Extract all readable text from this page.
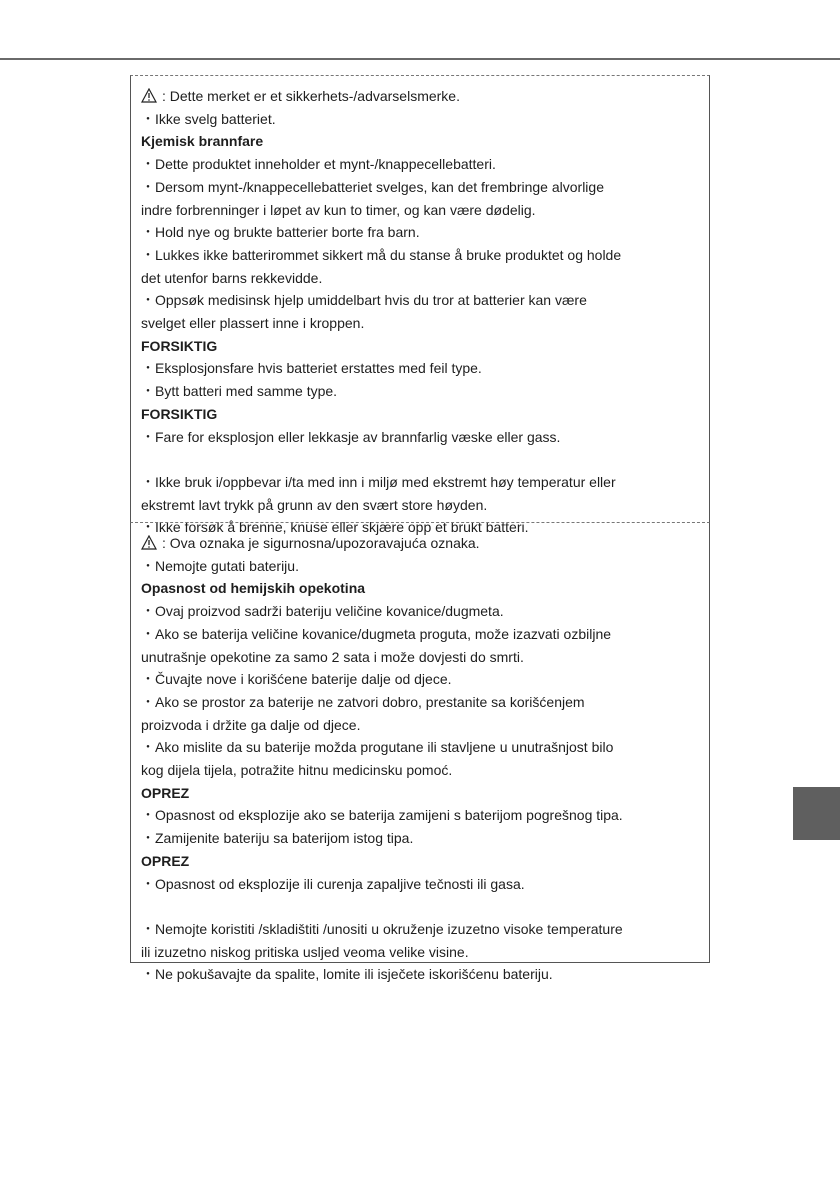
: Dette merket er et sikkerhets-/advarselsmerke.
・Ikke svelg batteriet.
Kjemisk brannfare
・Dette produktet inneholder et mynt-/knappecellebatteri.
・Dersom mynt-/knappecellebatteriet svelges, kan det frembringe alvorlige
indre forbrenninger i løpet av kun to timer, og kan være dødelig.
・Hold nye og brukte batterier borte fra barn.
・Lukkes ikke batterirommet sikkert må du stanse å bruke produktet og holde
det utenfor barns rekkevidde.
・Oppsøk medisinsk hjelp umiddelbart hvis du tror at batterier kan være
svelget eller plassert inne i kroppen.
FORSIKTIG
・Eksplosjonsfare hvis batteriet erstattes med feil type.
・Bytt batteri med samme type.
FORSIKTIG
・Fare for eksplosjon eller lekkasje av brannfarlig væske eller gass.
・Ikke bruk i/oppbevar i/ta med inn i miljø med ekstremt høy temperatur eller
ekstremt lavt trykk på grunn av den svært store høyden.
・Ikke forsøk å brenne, knuse eller skjære opp et brukt batteri.
: Ova oznaka je sigurnosna/upozoravajuća oznaka.
・Nemojte gutati bateriju.
Opasnost od hemijskih opekotina
・Ovaj proizvod sadrži bateriju veličine kovanice/dugmeta.
・Ako se baterija veličine kovanice/dugmeta proguta, može izazvati ozbiljne
unutrašnje opekotine za samo 2 sata i može dovjesti do smrti.
・Čuvajte nove i korišćene baterije dalje od djece.
・Ako se prostor za baterije ne zatvori dobro, prestanite sa korišćenjem
proizvoda i držite ga dalje od djece.
・Ako mislite da su baterije možda progutane ili stavljene u unutrašnjost bilo
kog dijela tijela, potražite hitnu medicinsku pomoć.
OPREZ
・Opasnost od eksplozije ako se baterija zamijeni s baterijom pogrešnog tipa.
・Zamijenite bateriju sa baterijom istog tipa.
OPREZ
・Opasnost od eksplozije ili curenja zapaljive tečnosti ili gasa.
・Nemojte koristiti /skladištiti /unositi u okruženje izuzetno visoke temperature
ili izuzetno niskog pritiska usljed veoma velike visine.
・Ne pokušavajte da spalite, lomite ili isječete iskorišćenu bateriju.
